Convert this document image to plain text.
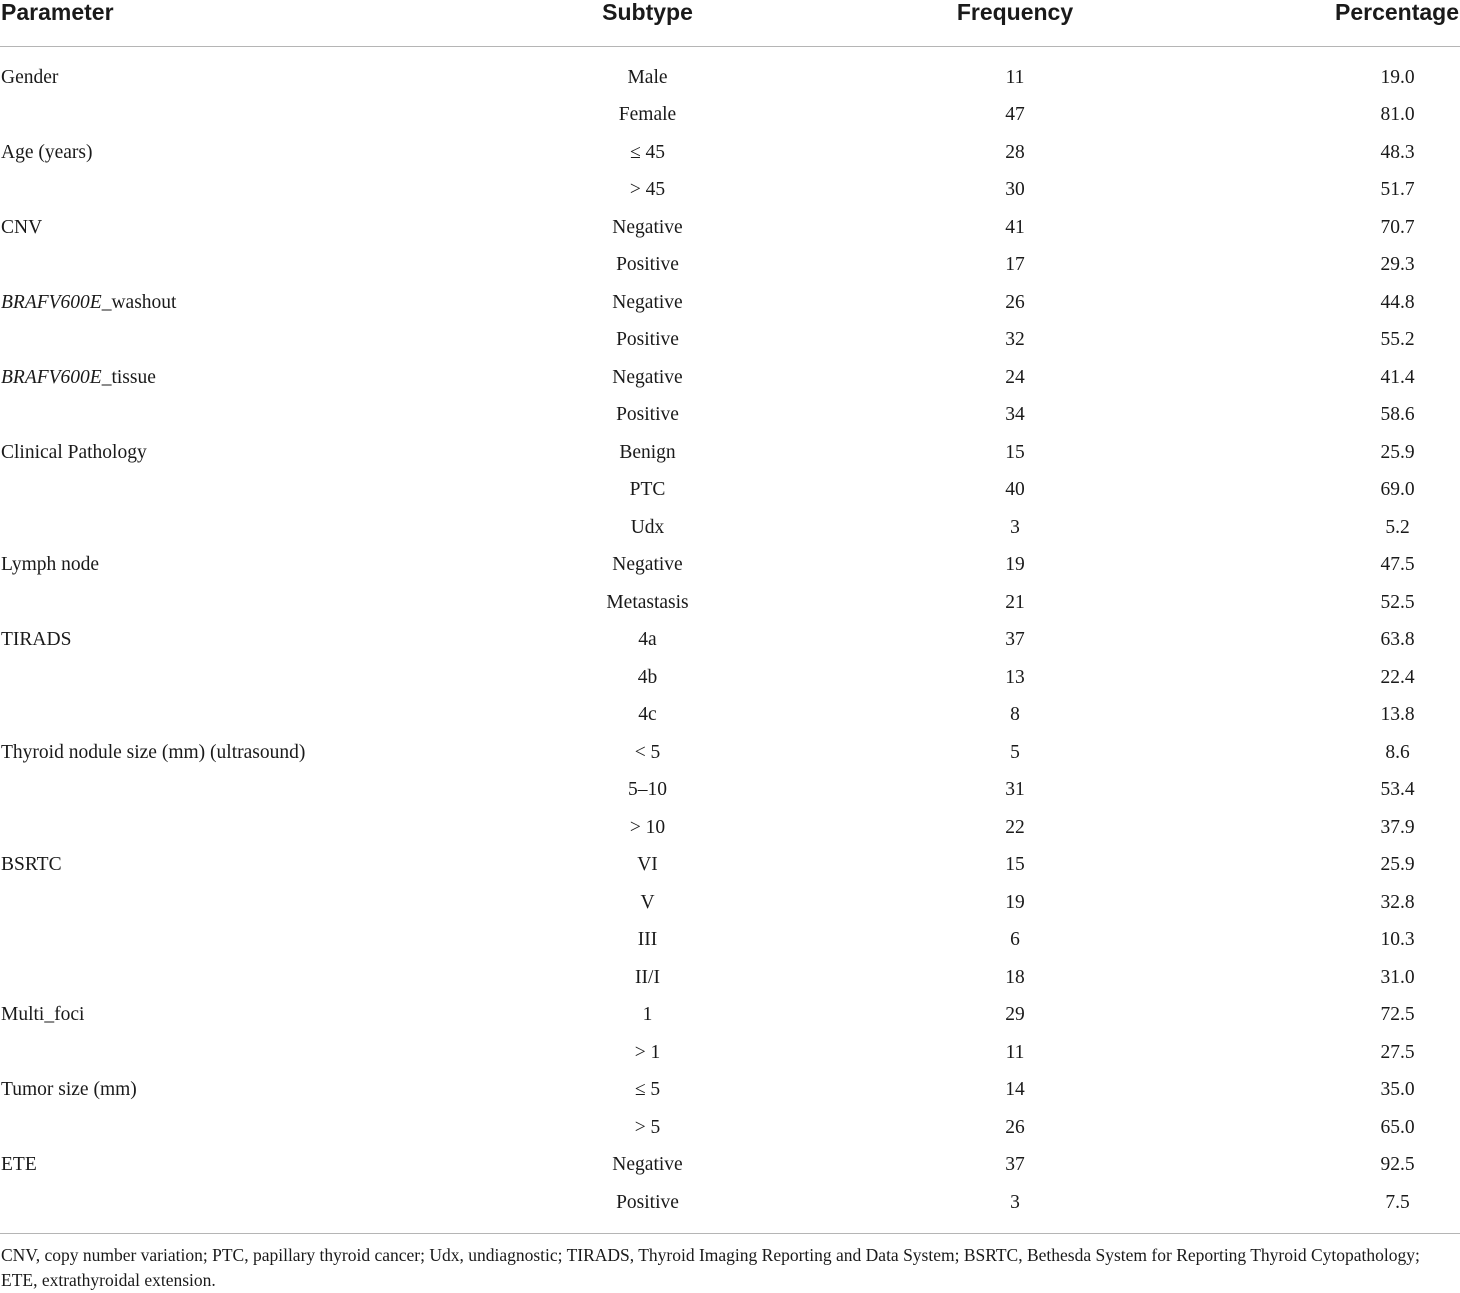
Parameter	Subtype	Frequency	Percentage

Gender	Male	11	19.0
	Female	47	81.0
Age (years)	≤ 45	28	48.3
	> 45	30	51.7
CNV	Negative	41	70.7
	Positive	17	29.3
BRAFV600E_washout	Negative	26	44.8
	Positive	32	55.2
BRAFV600E_tissue	Negative	24	41.4
	Positive	34	58.6
Clinical Pathology	Benign	15	25.9
	PTC	40	69.0
	Udx	3	5.2
Lymph node	Negative	19	47.5
	Metastasis	21	52.5
TIRADS	4a	37	63.8
	4b	13	22.4
	4c	8	13.8
Thyroid nodule size (mm) (ultrasound)	< 5	5	8.6
	5–10	31	53.4
	> 10	22	37.9
BSRTC	VI	15	25.9
	V	19	32.8
	III	6	10.3
	II/I	18	31.0
Multi_foci	1	29	72.5
	> 1	11	27.5
Tumor size (mm)	≤ 5	14	35.0
	> 5	26	65.0
ETE	Negative	37	92.5
	Positive	3	7.5
CNV, copy number variation; PTC, papillary thyroid cancer; Udx, undiagnostic; TIRADS, Thyroid Imaging Reporting and Data System; BSRTC, Bethesda System for Reporting Thyroid Cytopathology; ETE, extrathyroidal extension.
